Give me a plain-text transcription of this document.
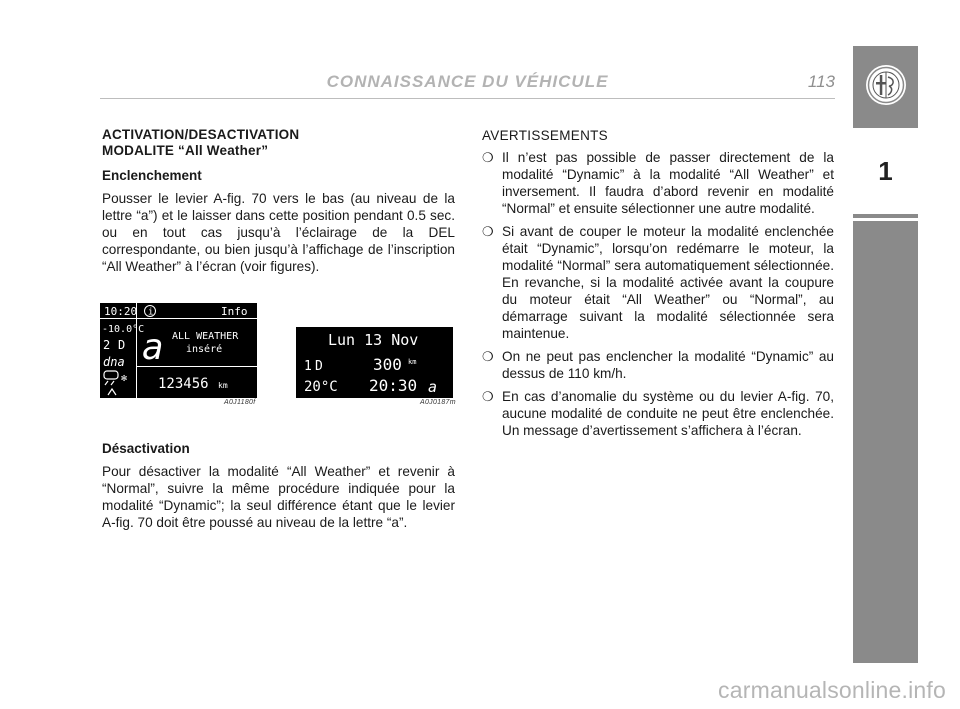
CONNAISSANCE DU VÉHICULE	113
1
ACTIVATION/DESACTIVATION
MODALITE “All Weather”
Enclenchement

Pousser le levier A-fig. 70 vers le bas (au niveau de la lettre “a”) et le laisser dans cette position pendant 0.5 sec. ou en tout cas jusqu’à l’éclairage de la DEL correspondante, ou bien jusqu’à l’affichage de l’inscription “All Weather” à l’écran (voir figures).

10:20 i	Info
-10.0°C
2 D
dna
✻
a ALL WEATHER
inséré
123456 km
A0J1180f
Lun 13 Nov
1 D	300 km
20°C 20:30 a
A0J0187m
Désactivation

Pour désactiver la modalité “All Weather” et revenir à “Normal”, suivre la même procédure indiquée pour la modalité “Dynamic”; la seul différence étant que le levier A-fig. 70 doit être poussé au niveau de la lettre “a”.

AVERTISSEMENTS
❍ Il n’est pas possible de passer directement de la modalité “Dynamic” à la modalité “All Weather” et inversement. Il faudra d’abord revenir en modalité “Normal” et ensuite sélectionner une autre modalité.
❍ Si avant de couper le moteur la modalité enclenchée était “Dynamic”, lorsqu’on redémarre le moteur, la modalité “Normal” sera automatiquement sélectionnée. En revanche, si la modalité activée avant la coupure du moteur était “All Weather” ou “Normal”, au démarrage suivant la modalité sélectionnée sera maintenue.
❍ On ne peut pas enclencher la modalité “Dynamic” au dessus de 110 km/h.
❍ En cas d’anomalie du système ou du levier A-fig. 70, aucune modalité de conduite ne peut être enclenchée. Un message d’avertissement s’affichera à l’écran.
carmanualsonline.info
